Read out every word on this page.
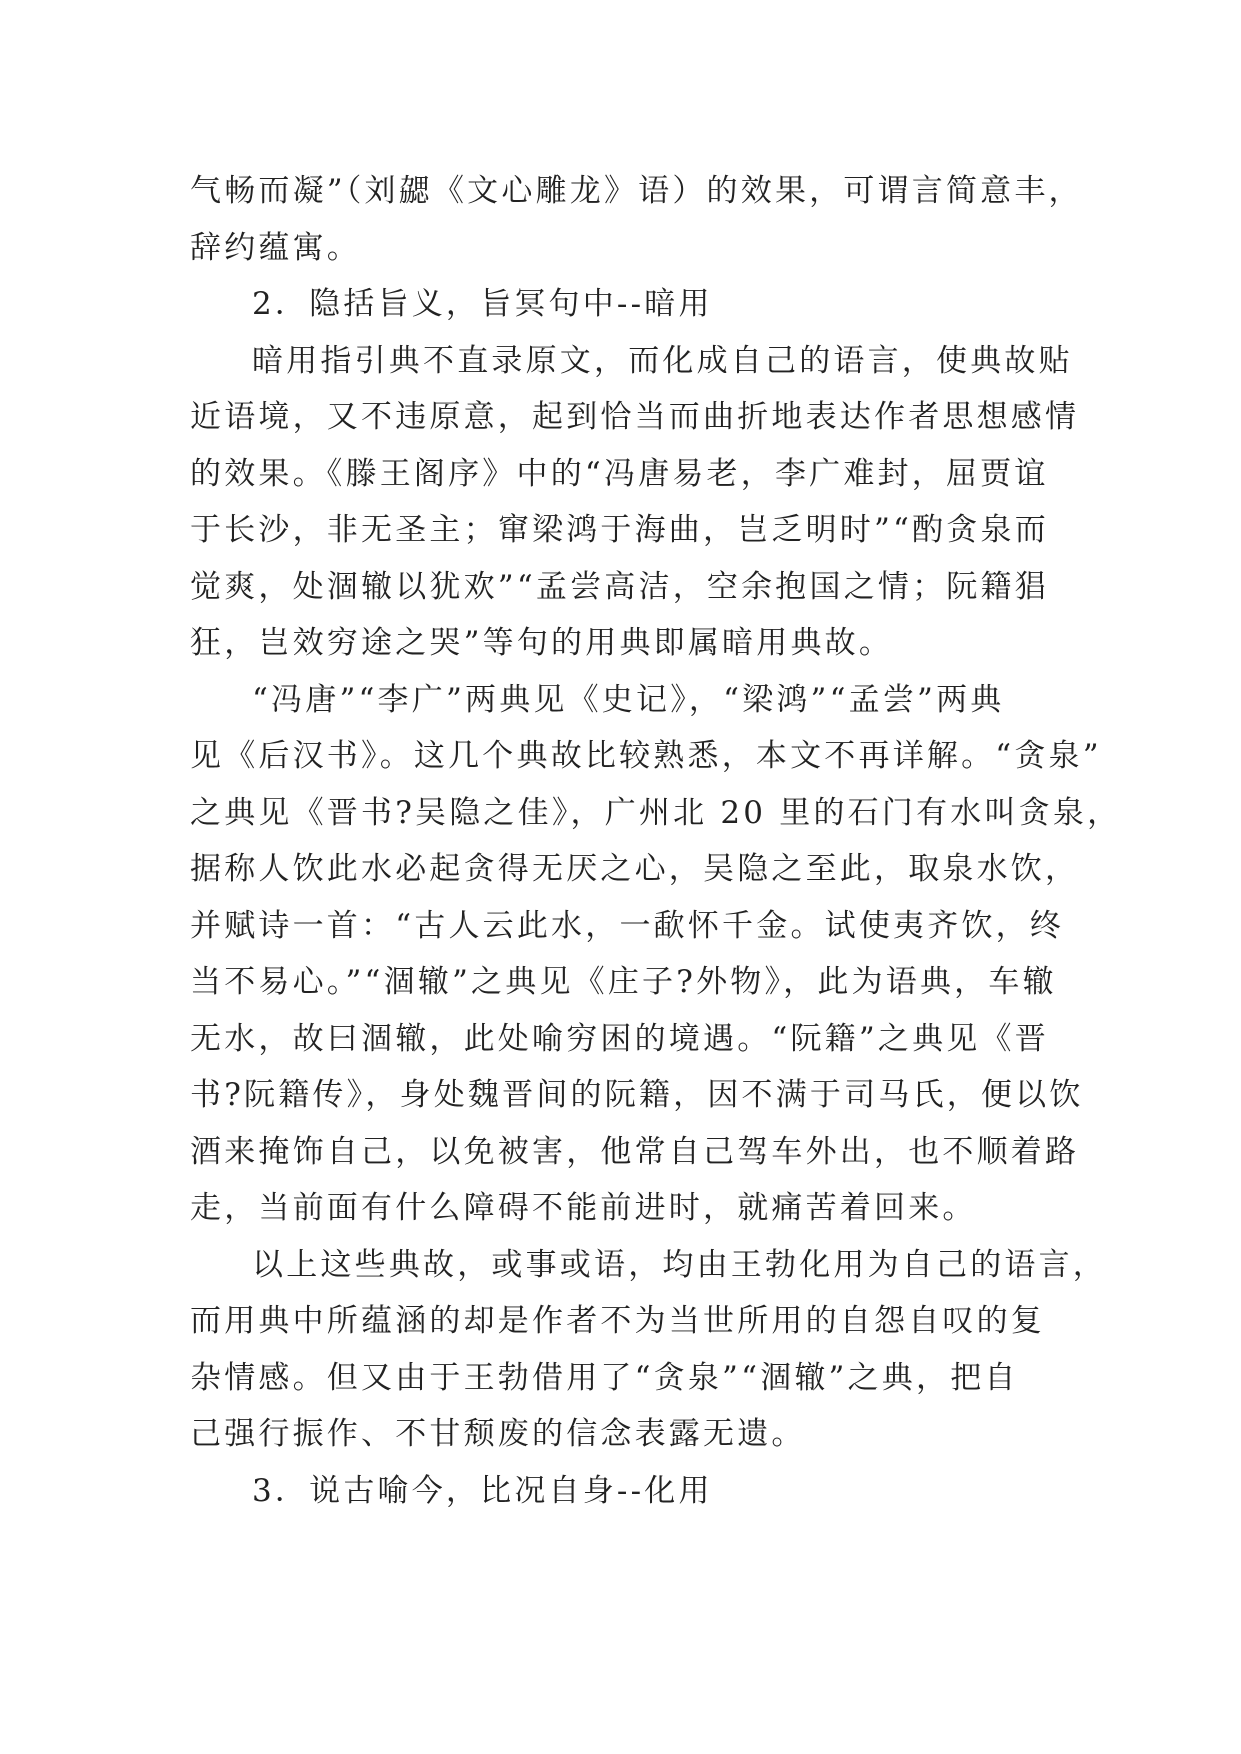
气畅而凝”（刘勰《文心雕龙》语）的效果，可谓言简意丰，
辞约蕴寓。
2．隐括旨义，旨冥句中--暗用
暗用指引典不直录原文，而化成自己的语言，使典故贴
近语境，又不违原意，起到恰当而曲折地表达作者思想感情
的效果。《滕王阁序》中的“冯唐易老，李广难封，屈贾谊
于长沙，非无圣主；窜梁鸿于海曲，岂乏明时”“酌贪泉而
觉爽，处涸辙以犹欢”“孟尝高洁，空余抱国之情；阮籍猖
狂，岂效穷途之哭”等句的用典即属暗用典故。
“冯唐”“李广”两典见《史记》，“梁鸿”“孟尝”两典
见《后汉书》。这几个典故比较熟悉，本文不再详解。“贪泉”
之典见《晋书?吴隐之佳》，广州北 20 里的石门有水叫贪泉，
据称人饮此水必起贪得无厌之心，吴隐之至此，取泉水饮，
并赋诗一首：“古人云此水，一歃怀千金。试使夷齐饮，终
当不易心。”“涸辙”之典见《庄子?外物》，此为语典，车辙
无水，故曰涸辙，此处喻穷困的境遇。“阮籍”之典见《晋
书?阮籍传》，身处魏晋间的阮籍，因不满于司马氏，便以饮
酒来掩饰自己，以免被害，他常自己驾车外出，也不顺着路
走，当前面有什么障碍不能前进时，就痛苦着回来。
以上这些典故，或事或语，均由王勃化用为自己的语言，
而用典中所蕴涵的却是作者不为当世所用的自怨自叹的复
杂情感。但又由于王勃借用了“贪泉”“涸辙”之典，把自
己强行振作、不甘颓废的信念表露无遗。
3．说古喻今，比况自身--化用
